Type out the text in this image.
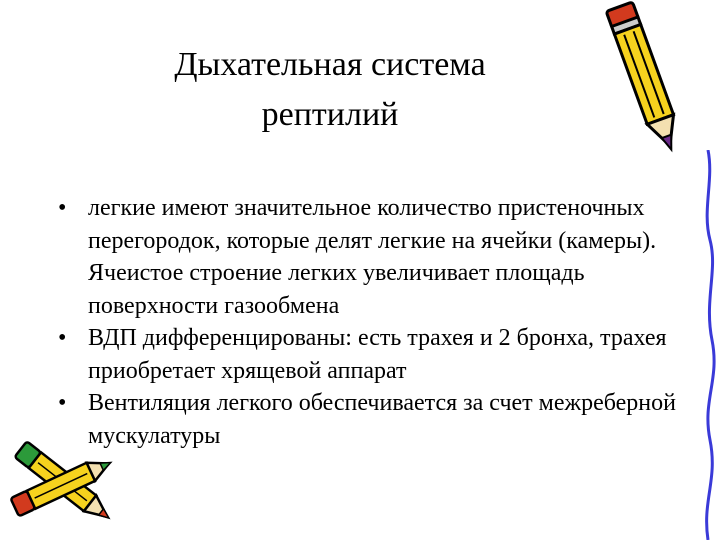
Дыхательная система
рептилий
• легкие имеют значительное количество пристеночных перегородок, которые делят легкие на ячейки (камеры). Ячеистое строение легких увеличивает площадь поверхности газообмена
• ВДП дифференцированы: есть трахея и 2 бронха, трахея приобретает хрящевой аппарат
• Вентиляция легкого обеспечивается за счет межреберной мускулатуры
